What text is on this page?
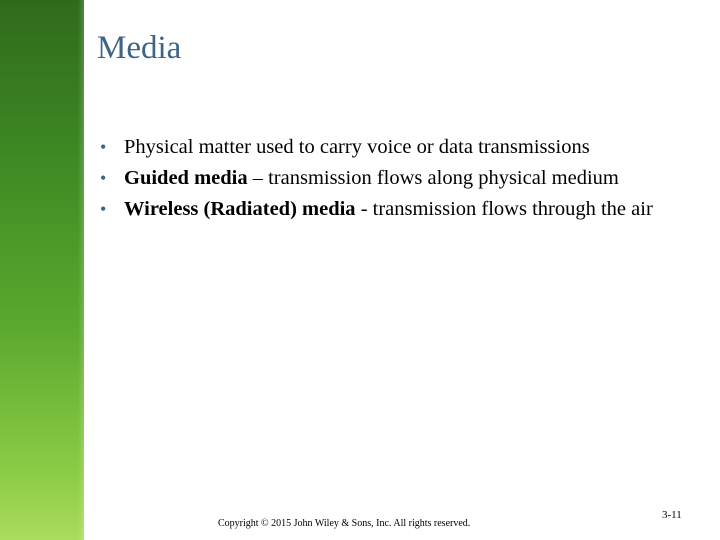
Media
• Physical matter used to carry voice or data transmissions
• Guided media – transmission flows along physical medium
• Wireless (Radiated) media - transmission flows through the air
Copyright © 2015 John Wiley & Sons, Inc. All rights reserved.
3-11
